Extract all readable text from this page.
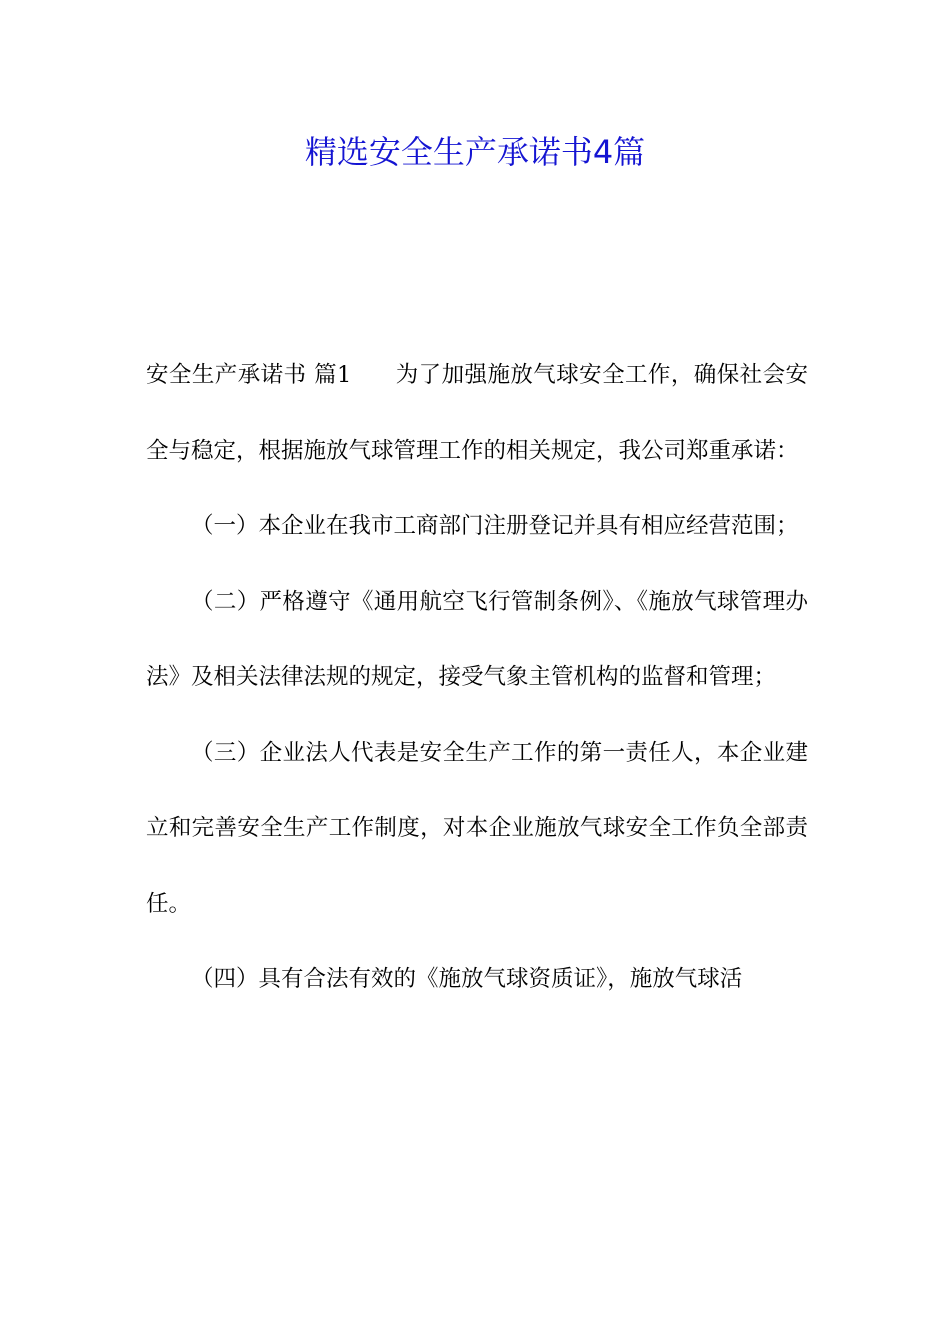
精选安全生产承诺书4篇

安全生产承诺书 篇1 为了加强施放气球安全工作，确保社会安全与稳定，根据施放气球管理工作的相关规定，我公司郑重承诺：

（一）本企业在我市工商部门注册登记并具有相应经营范围；

（二）严格遵守《通用航空飞行管制条例》、《施放气球管理办法》及相关法律法规的规定，接受气象主管机构的监督和管理；

（三）企业法人代表是安全生产工作的第一责任人，本企业建立和完善安全生产工作制度，对本企业施放气球安全工作负全部责任。

（四）具有合法有效的《施放气球资质证》，施放气球活
